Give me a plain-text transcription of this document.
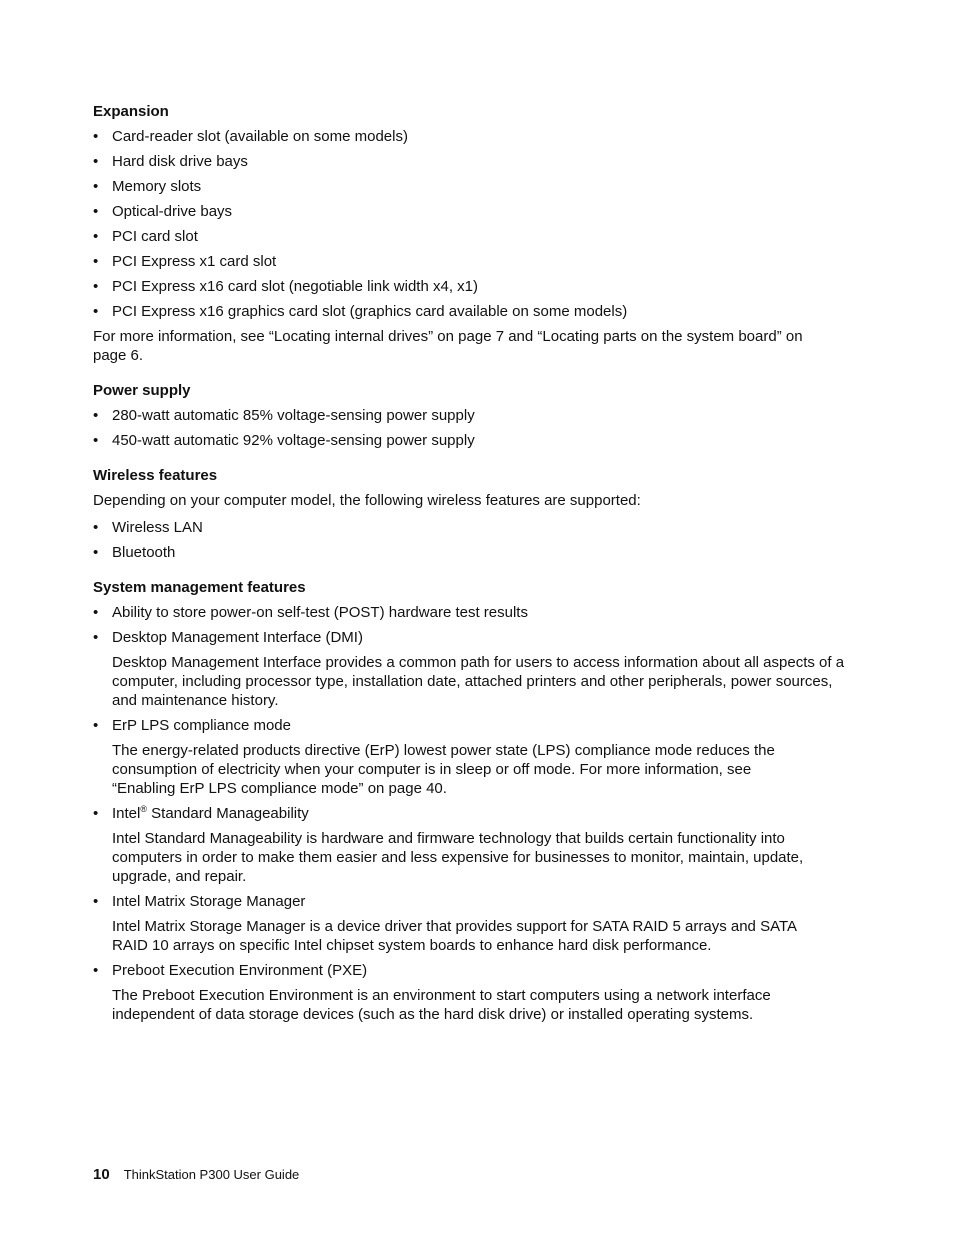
Expansion
• Card-reader slot (available on some models)
• Hard disk drive bays
• Memory slots
• Optical-drive bays
• PCI card slot
• PCI Express x1 card slot
• PCI Express x16 card slot (negotiable link width x4, x1)
• PCI Express x16 graphics card slot (graphics card available on some models)

For more information, see “Locating internal drives” on page 7 and “Locating parts on the system board” on page 6.

Power supply
• 280-watt automatic 85% voltage-sensing power supply
• 450-watt automatic 92% voltage-sensing power supply
Wireless features

Depending on your computer model, the following wireless features are supported:

• Wireless LAN
• Bluetooth
System management features
• Ability to store power-on self-test (POST) hardware test results
• Desktop Management Interface (DMI)

Desktop Management Interface provides a common path for users to access information about all aspects of a computer, including processor type, installation date, attached printers and other peripherals, power sources, and maintenance history.

• ErP LPS compliance mode

The energy-related products directive (ErP) lowest power state (LPS) compliance mode reduces the consumption of electricity when your computer is in sleep or off mode. For more information, see “Enabling ErP LPS compliance mode” on page 40.

• Intel® Standard Manageability

Intel Standard Manageability is hardware and firmware technology that builds certain functionality into computers in order to make them easier and less expensive for businesses to monitor, maintain, update, upgrade, and repair.

• Intel Matrix Storage Manager

Intel Matrix Storage Manager is a device driver that provides support for SATA RAID 5 arrays and SATA RAID 10 arrays on specific Intel chipset system boards to enhance hard disk performance.

• Preboot Execution Environment (PXE)

The Preboot Execution Environment is an environment to start computers using a network interface independent of data storage devices (such as the hard disk drive) or installed operating systems.

10 ThinkStation P300 User Guide
